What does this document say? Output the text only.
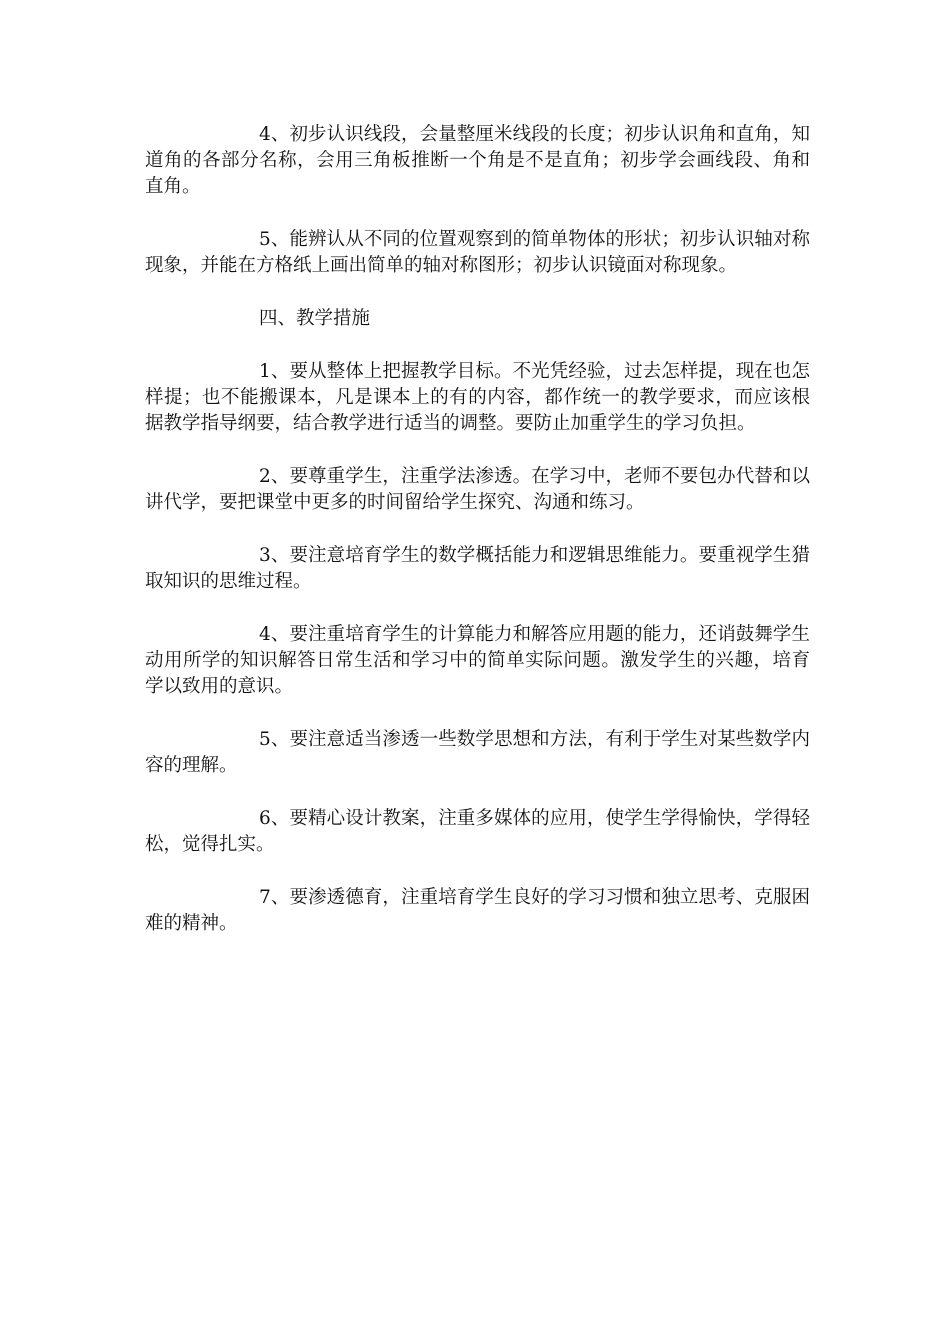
4、初步认识线段，会量整厘米线段的长度；初步认识角和直角，知道角的各部分名称，会用三角板推断一个角是不是直角；初步学会画线段、角和直角。

5、能辨认从不同的位置观察到的简单物体的形状；初步认识轴对称现象，并能在方格纸上画出简单的轴对称图形；初步认识镜面对称现象。

四、教学措施

1、要从整体上把握教学目标。不光凭经验，过去怎样提，现在也怎样提；也不能搬课本，凡是课本上的有的内容，都作统一的教学要求，而应该根据教学指导纲要，结合教学进行适当的调整。要防止加重学生的学习负担。

2、要尊重学生，注重学法渗透。在学习中，老师不要包办代替和以讲代学，要把课堂中更多的时间留给学生探究、沟通和练习。

3、要注意培育学生的数学概括能力和逻辑思维能力。要重视学生猎取知识的思维过程。

4、要注重培育学生的计算能力和解答应用题的能力，还诮鼓舞学生动用所学的知识解答日常生活和学习中的简单实际问题。激发学生的兴趣，培育学以致用的意识。

5、要注意适当渗透一些数学思想和方法，有利于学生对某些数学内容的理解。

6、要精心设计教案，注重多媒体的应用，使学生学得愉快，学得轻松，觉得扎实。

7、要渗透德育，注重培育学生良好的学习习惯和独立思考、克服困难的精神。
